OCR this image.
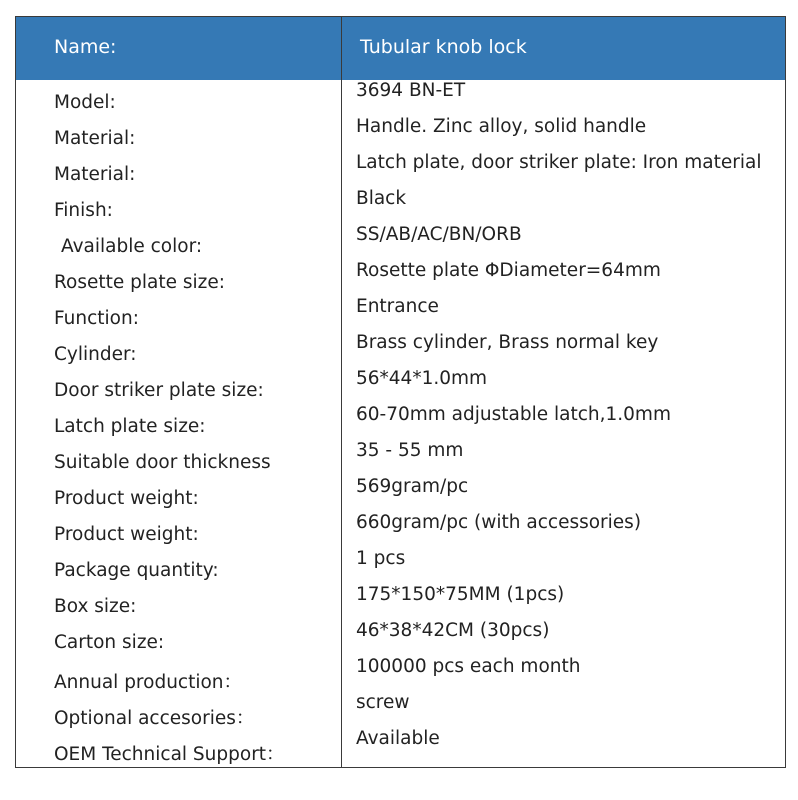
Name:	Tubular knob lock
Model:
3694 BN-ET
Material:
Handle. Zinc alloy, solid handle
Material:
Latch plate, door striker plate: Iron material
Finish:
Black
Available color:
SS/AB/AC/BN/ORB
Rosette plate size:
Rosette plate ΦDiameter=64mm
Function:
Entrance
Cylinder:
Brass cylinder, Brass normal key
Door striker plate size:
56*44*1.0mm
Latch plate size:
60-70mm adjustable latch,1.0mm
Suitable door thickness
35 - 55 mm
Product weight:
569gram/pc
Product weight:
660gram/pc (with accessories)
Package quantity:
1 pcs
Box size:
175*150*75MM (1pcs)
Carton size:
46*38*42CM (30pcs)
Annual production：
100000 pcs each month
Optional accesories：
screw
OEM Technical Support：
Available
